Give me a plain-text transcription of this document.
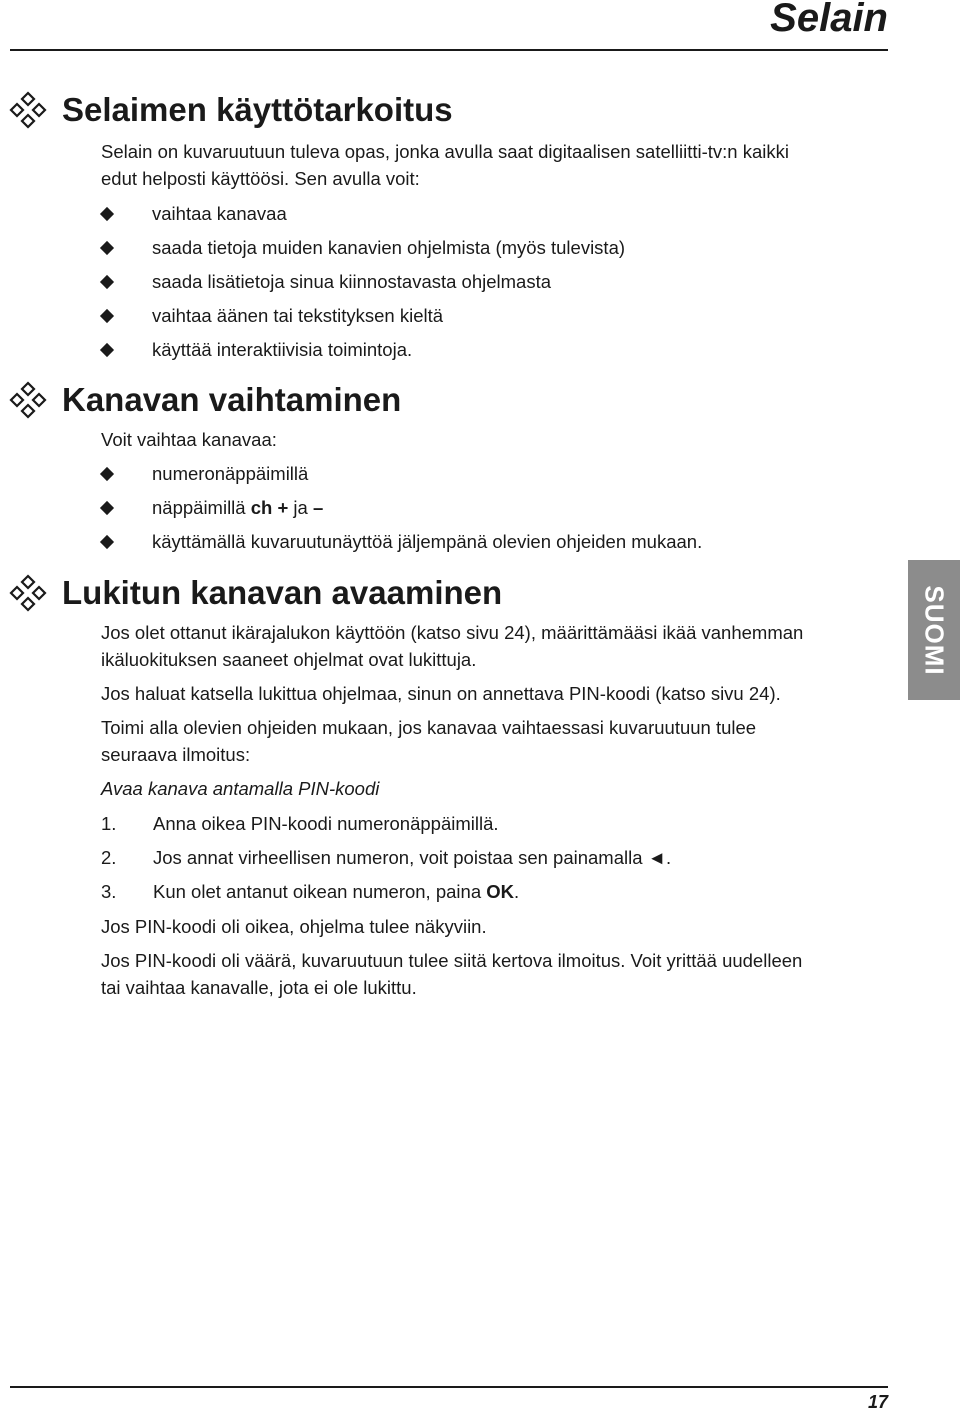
Selain
SUOMI
Selaimen käyttötarkoitus

Selain on kuvaruutuun tuleva opas, jonka avulla saat digitaalisen satelliitti-tv:n kaikki

edut helposti käyttöösi. Sen avulla voit:

vaihtaa kanavaa
saada tietoja muiden kanavien ohjelmista (myös tulevista)
saada lisätietoja sinua kiinnostavasta ohjelmasta
vaihtaa äänen tai tekstityksen kieltä
käyttää interaktiivisia toimintoja.
Kanavan vaihtaminen

Voit vaihtaa kanavaa:

numeronäppäimillä
näppäimillä ch + ja –
käyttämällä kuvaruutunäyttöä jäljempänä olevien ohjeiden mukaan.
Lukitun kanavan avaaminen

Jos olet ottanut ikärajalukon käyttöön (katso sivu 24), määrittämääsi ikää vanhemman

ikäluokituksen saaneet ohjelmat ovat lukittuja.

Jos haluat katsella lukittua ohjelmaa, sinun on annettava PIN-koodi (katso sivu 24).

Toimi alla olevien ohjeiden mukaan, jos kanavaa vaihtaessasi kuvaruutuun tulee

seuraava ilmoitus:

Avaa kanava antamalla PIN-koodi

1.	Anna oikea PIN-koodi numeronäppäimillä.
2.	Jos annat virheellisen numeron, voit poistaa sen painamalla ◄.
3.	Kun olet antanut oikean numeron, paina OK.

Jos PIN-koodi oli oikea, ohjelma tulee näkyviin.

Jos PIN-koodi oli väärä, kuvaruutuun tulee siitä kertova ilmoitus. Voit yrittää uudelleen

tai vaihtaa kanavalle, jota ei ole lukittu.

17
